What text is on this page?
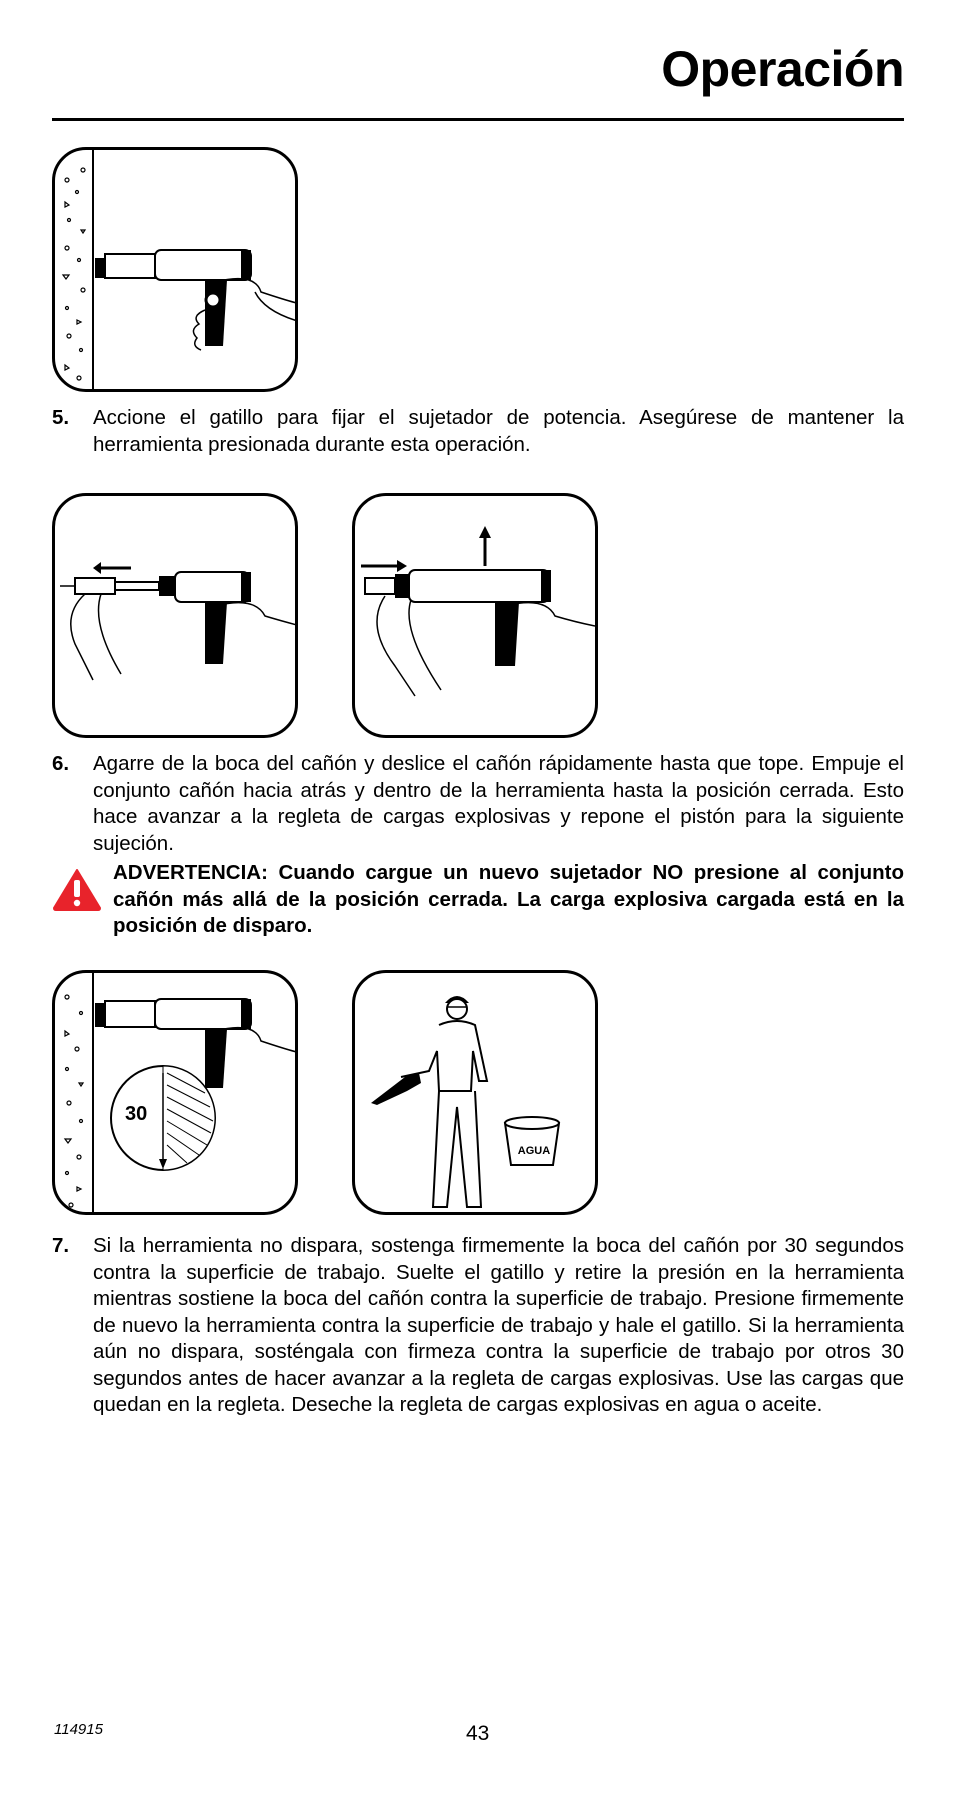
Operación
5. Accione el gatillo para fijar el sujetador de potencia. Asegúrese de mantener la herramienta presionada durante esta operación.
6. Agarre de la boca del cañón y deslice el cañón rápidamente hasta que tope. Empuje el conjunto cañón hacia atrás y dentro de la herramienta hasta la posición cerrada. Esto hace avanzar a la regleta de cargas explosivas y repone el pistón para la siguiente sujeción.
ADVERTENCIA: Cuando cargue un nuevo sujetador NO presione al conjunto cañón más allá de la posición cerrada. La carga explosiva cargada está en la posición de disparo.
30
AGUA
7. Si la herramienta no dispara, sostenga firmemente la boca del cañón por 30 segundos contra la superficie de trabajo. Suelte el gatillo y retire la presión en la herramienta mientras sostiene la boca del cañón contra la superficie de trabajo. Presione firmemente de nuevo la herramienta contra la superficie de trabajo y hale el gatillo. Si la herramienta aún no dispara, sosténgala con firmeza contra la superficie de trabajo por otros 30 segundos antes de hacer avanzar a la regleta de cargas explosivas. Use las cargas que quedan en la regleta. Deseche la regleta de cargas explosivas en agua o aceite.
114915	43
